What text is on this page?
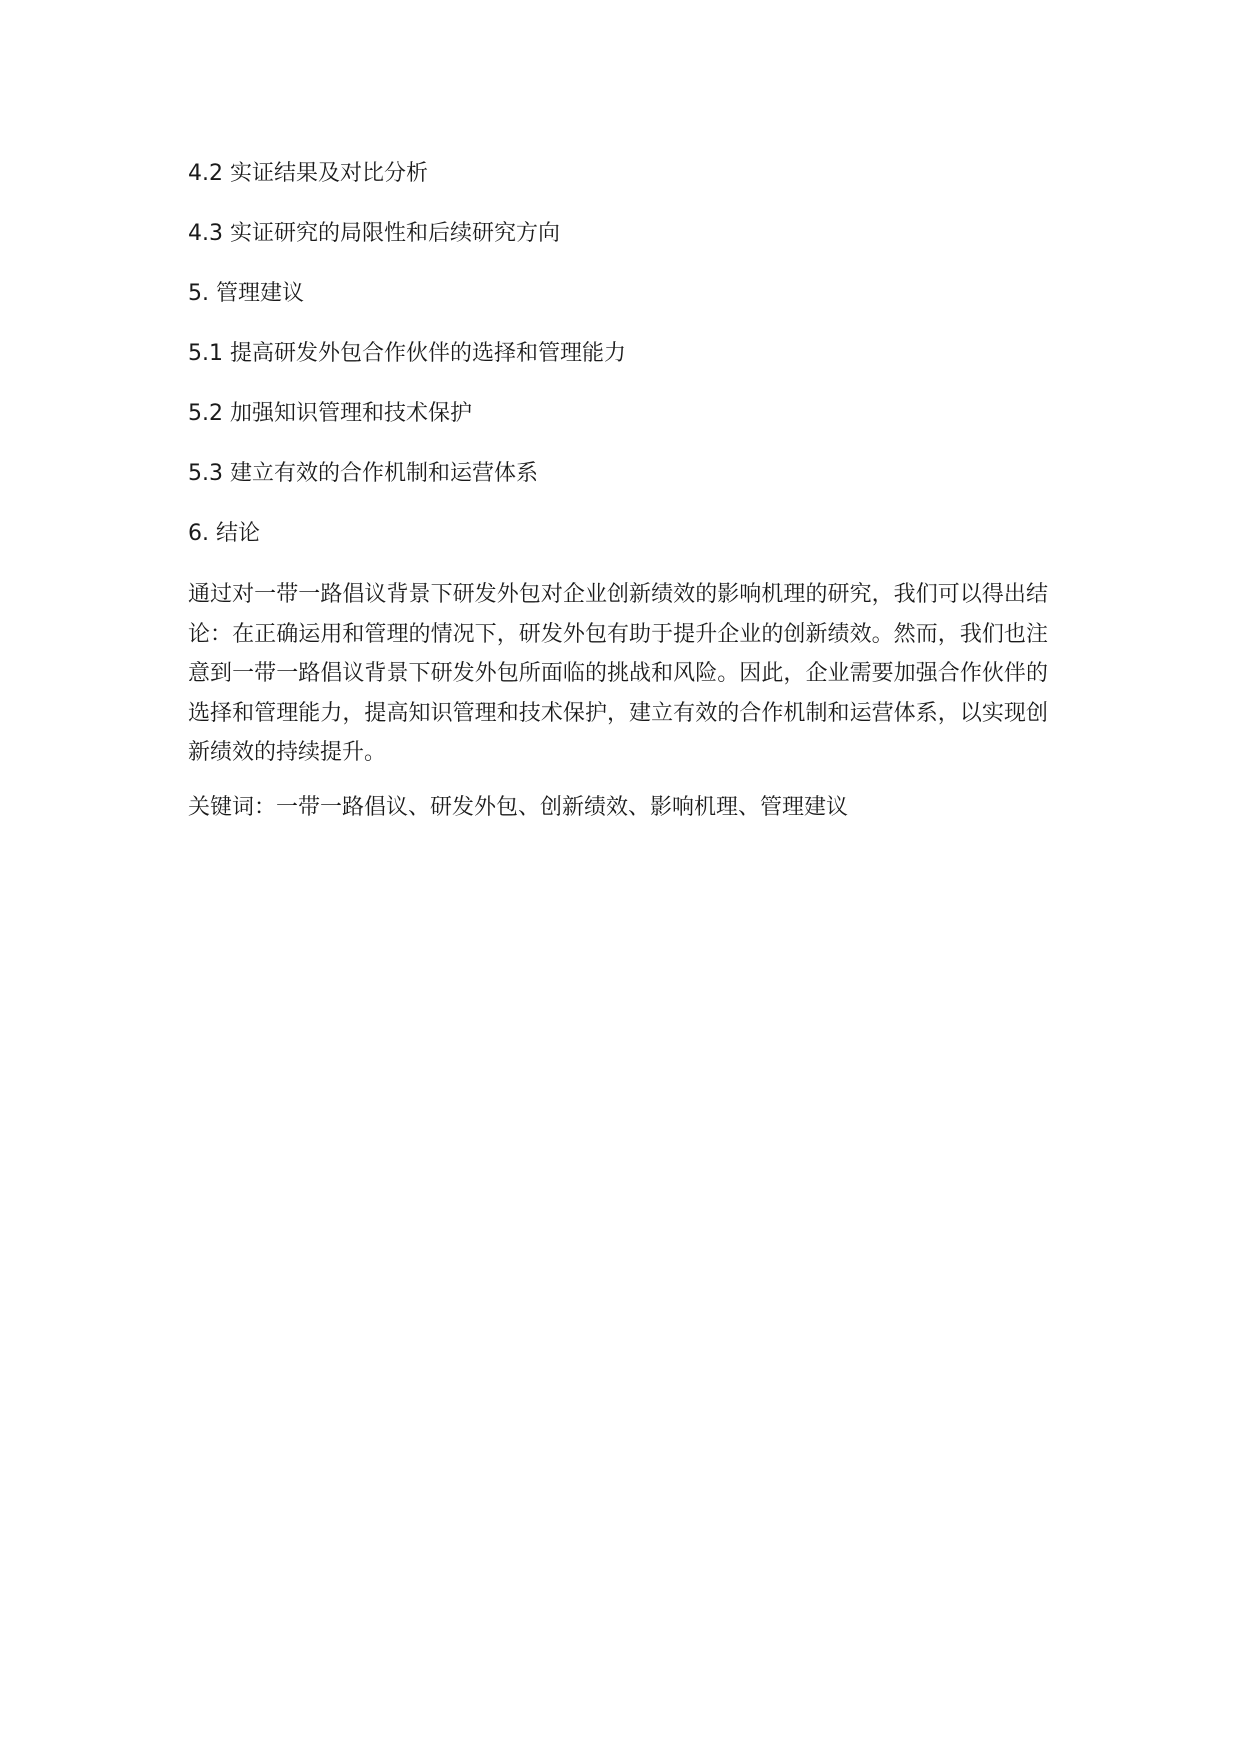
4.2 实证结果及对比分析

4.3 实证研究的局限性和后续研究方向

5. 管理建议

5.1 提高研发外包合作伙伴的选择和管理能力

5.2 加强知识管理和技术保护

5.3 建立有效的合作机制和运营体系

6. 结论

通过对一带一路倡议背景下研发外包对企业创新绩效的影响机理的研究，我们可以得出结论：在正确运用和管理的情况下，研发外包有助于提升企业的创新绩效。然而，我们也注意到一带一路倡议背景下研发外包所面临的挑战和风险。因此，企业需要加强合作伙伴的选择和管理能力，提高知识管理和技术保护，建立有效的合作机制和运营体系，以实现创新绩效的持续提升。

关键词：一带一路倡议、研发外包、创新绩效、影响机理、管理建议
